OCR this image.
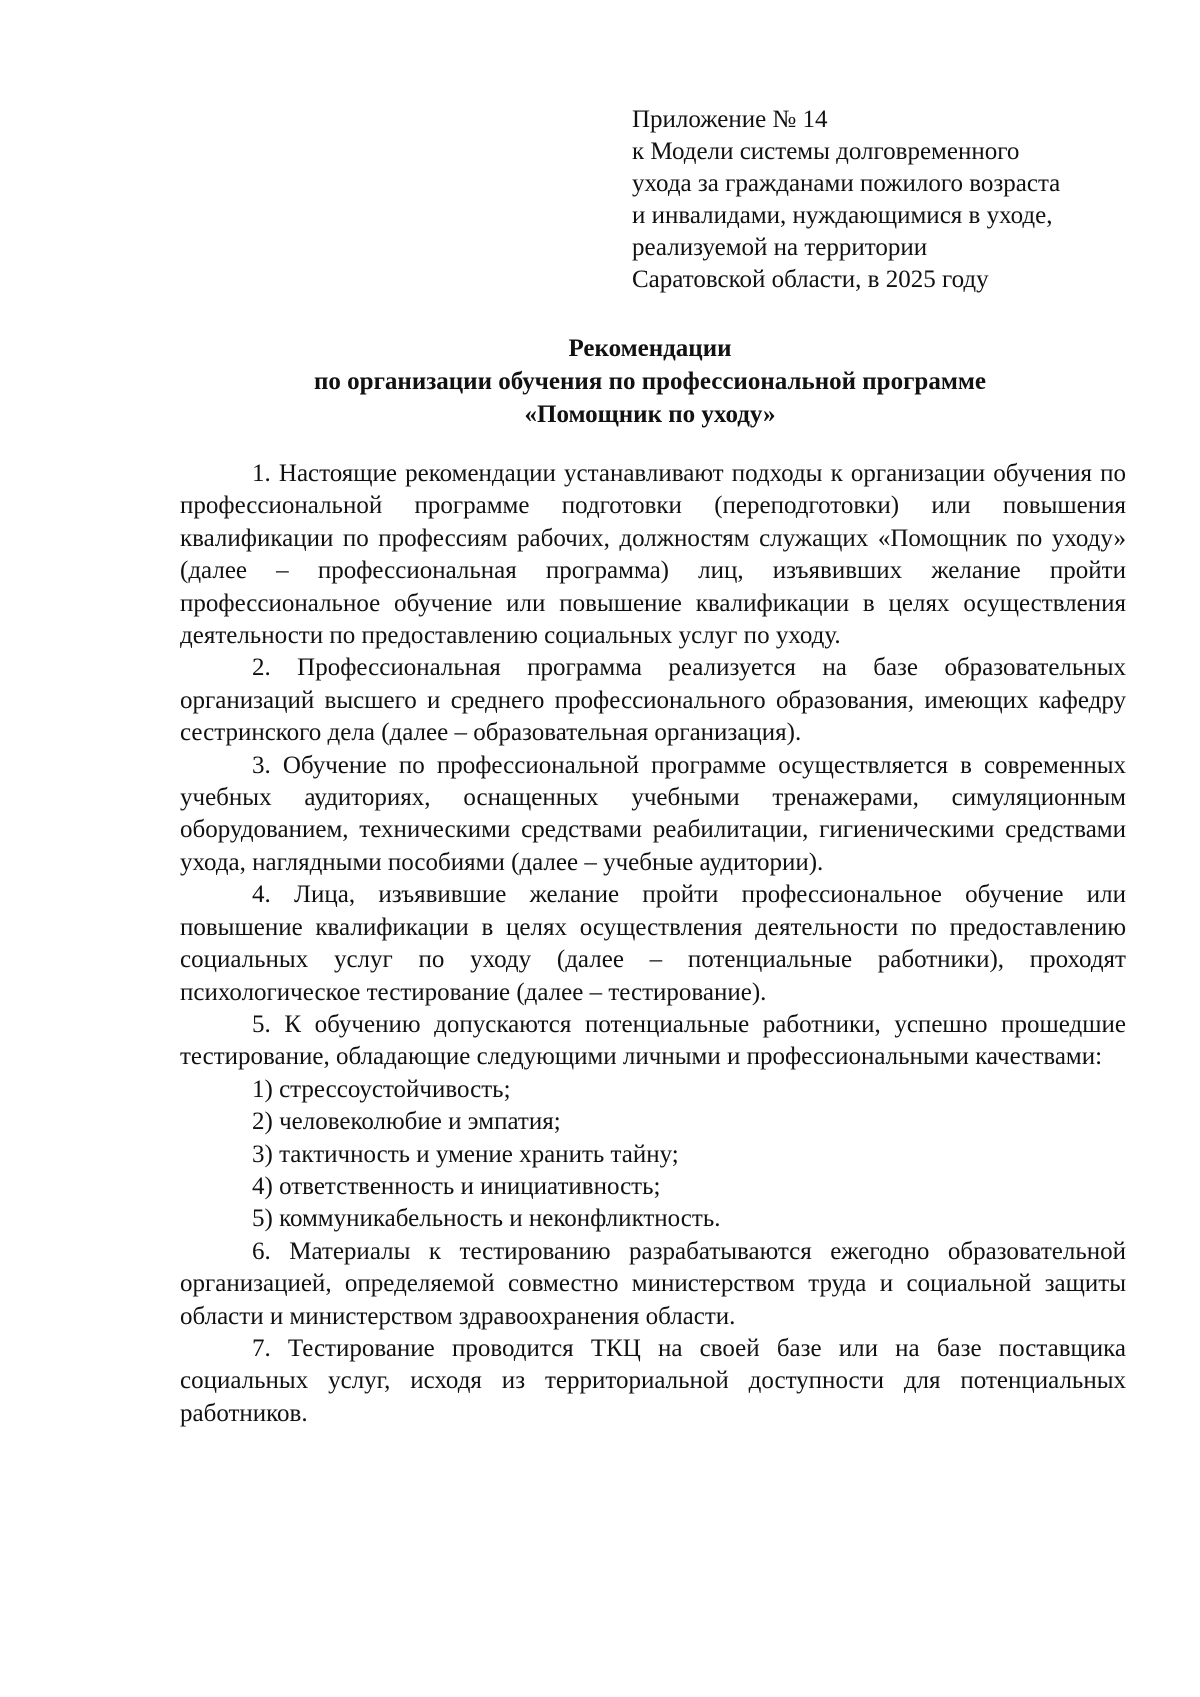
Приложение № 14
к Модели системы долговременного
ухода за гражданами пожилого возраста
и инвалидами, нуждающимися в уходе,
реализуемой на территории
Саратовской области, в 2025 году
Рекомендации
по организации обучения по профессиональной программе
«Помощник по уходу»

1. Настоящие рекомендации устанавливают подходы к организации обучения по профессиональной программе подготовки (переподготовки) или повышения квалификации по профессиям рабочих, должностям служащих «Помощник по уходу» (далее – профессиональная программа) лиц, изъявивших желание пройти профессиональное обучение или повышение квалификации в целях осуществления деятельности по предоставлению социальных услуг по уходу.

2. Профессиональная программа реализуется на базе образовательных организаций высшего и среднего профессионального образования, имеющих кафедру сестринского дела (далее – образовательная организация).

3. Обучение по профессиональной программе осуществляется в современных учебных аудиториях, оснащенных учебными тренажерами, симуляционным оборудованием, техническими средствами реабилитации, гигиеническими средствами ухода, наглядными пособиями (далее – учебные аудитории).

4. Лица, изъявившие желание пройти профессиональное обучение или повышение квалификации в целях осуществления деятельности по предоставлению социальных услуг по уходу (далее – потенциальные работники), проходят психологическое тестирование (далее – тестирование).

5. К обучению допускаются потенциальные работники, успешно прошедшие тестирование, обладающие следующими личными и профессиональными качествами:

1) стрессоустойчивость;
2) человеколюбие и эмпатия;
3) тактичность и умение хранить тайну;
4) ответственность и инициативность;
5) коммуникабельность и неконфликтность.

6. Материалы к тестированию разрабатываются ежегодно образовательной организацией, определяемой совместно министерством труда и социальной защиты области и министерством здравоохранения области.

7. Тестирование проводится ТКЦ на своей базе или на базе поставщика социальных услуг, исходя из территориальной доступности для потенциальных работников.
